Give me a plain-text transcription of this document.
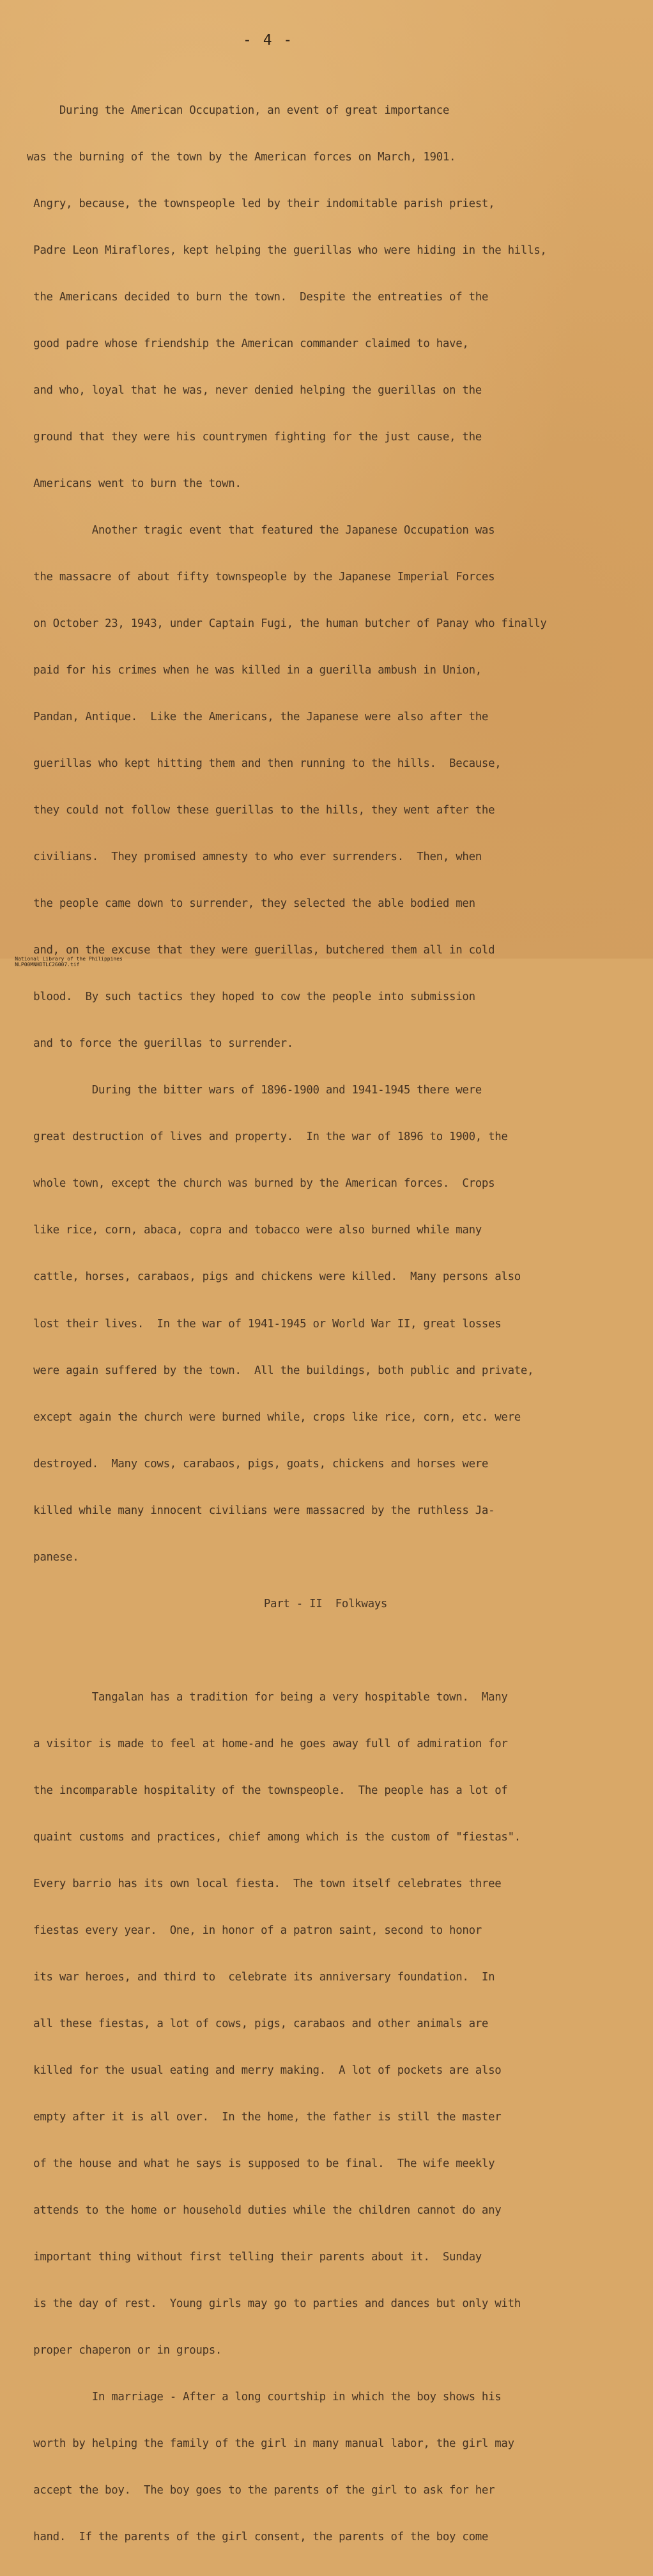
- 4 -

During the American Occupation, an event of great importance

was the burning of the town by the American forces on March, 1901.

Angry, because, the townspeople led by their indomitable parish priest,

Padre Leon Miraflores, kept helping the guerillas who were hiding in the hills,

the Americans decided to burn the town.  Despite the entreaties of the

good padre whose friendship the American commander claimed to have,

and who, loyal that he was, never denied helping the guerillas on the

ground that they were his countrymen fighting for the just cause, the

Americans went to burn the town.

Another tragic event that featured the Japanese Occupation was

the massacre of about fifty townspeople by the Japanese Imperial Forces

on October 23, 1943, under Captain Fugi, the human butcher of Panay who finally

paid for his crimes when he was killed in a guerilla ambush in Union,

Pandan, Antique.  Like the Americans, the Japanese were also after the

guerillas who kept hitting them and then running to the hills.  Because,

they could not follow these guerillas to the hills, they went after the

civilians.  They promised amnesty to who ever surrenders.  Then, when

the people came down to surrender, they selected the able bodied men

and, on the excuse that they were guerillas, butchered them all in cold

blood.  By such tactics they hoped to cow the people into submission

and to force the guerillas to surrender.

During the bitter wars of 1896-1900 and 1941-1945 there were

great destruction of lives and property.  In the war of 1896 to 1900, the

whole town, except the church was burned by the American forces.  Crops

like rice, corn, abaca, copra and tobacco were also burned while many

cattle, horses, carabaos, pigs and chickens were killed.  Many persons also

lost their lives.  In the war of 1941-1945 or World War II, great losses

were again suffered by the town.  All the buildings, both public and private,

except again the church were burned while, crops like rice, corn, etc. were

destroyed.  Many cows, carabaos, pigs, goats, chickens and horses were

killed while many innocent civilians were massacred by the ruthless Ja-

panese.

Part - II  Folkways

Tangalan has a tradition for being a very hospitable town.  Many

a visitor is made to feel at home-and he goes away full of admiration for

the incomparable hospitality of the townspeople.  The people has a lot of

quaint customs and practices, chief among which is the custom of "fiestas".

Every barrio has its own local fiesta.  The town itself celebrates three

fiestas every year.  One, in honor of a patron saint, second to honor

its war heroes, and third to  celebrate its anniversary foundation.  In

all these fiestas, a lot of cows, pigs, carabaos and other animals are

killed for the usual eating and merry making.  A lot of pockets are also

empty after it is all over.  In the home, the father is still the master

of the house and what he says is supposed to be final.  The wife meekly

attends to the home or household duties while the children cannot do any

important thing without first telling their parents about it.  Sunday

is the day of rest.  Young girls may go to parties and dances but only with

proper chaperon or in groups.

In marriage - After a long courtship in which the boy shows his

worth by helping the family of the girl in many manual labor, the girl may

accept the boy.  The boy goes to the parents of the girl to ask for her

hand.  If the parents of the girl consent, the parents of the boy come

National Library of the Philippines
NLP00MNHDTLC26007.tif
